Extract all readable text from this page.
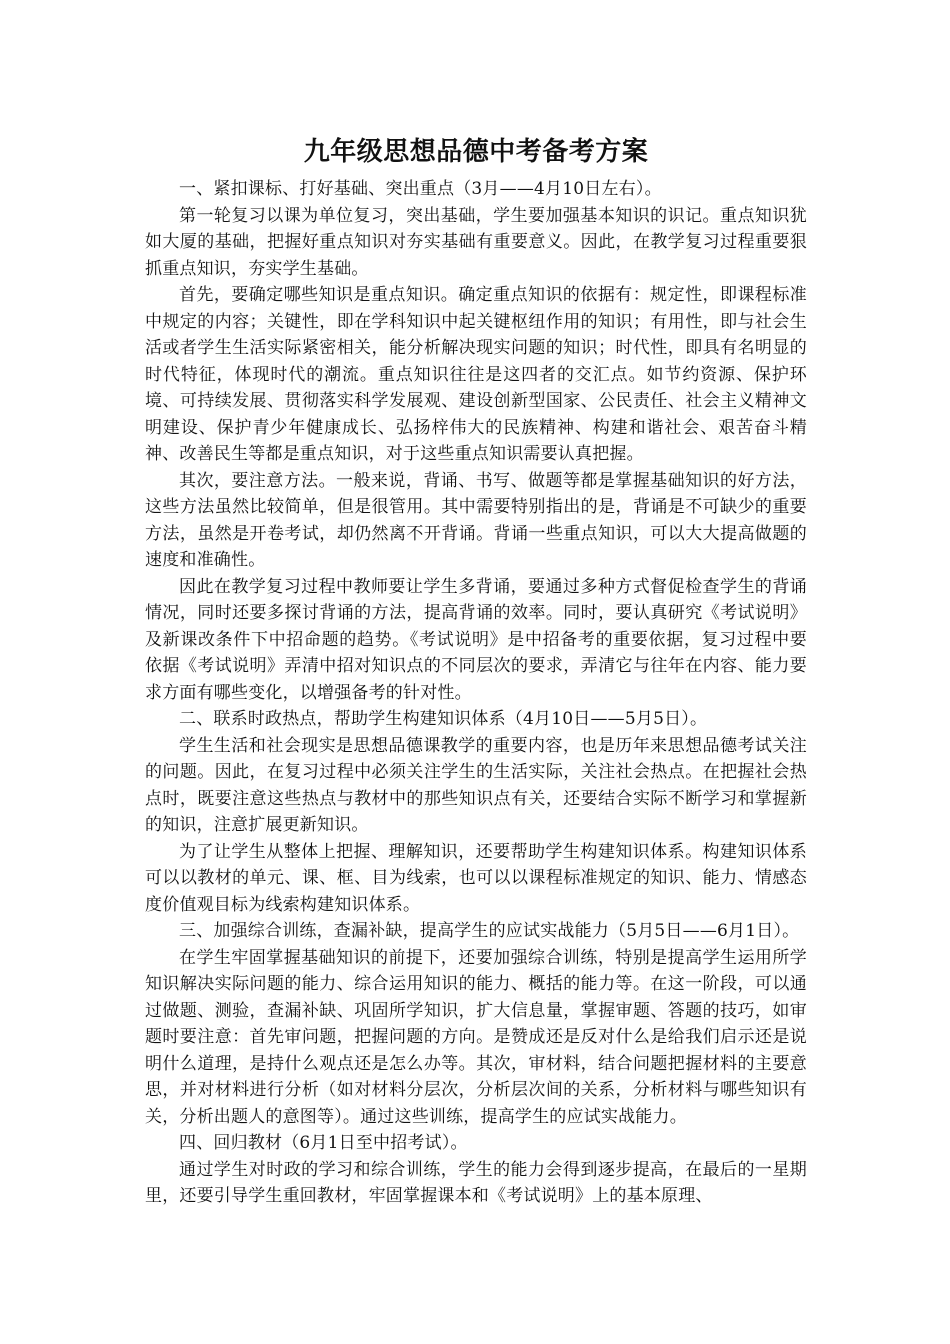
九年级思想品德中考备考方案

一、紧扣课标、打好基础、突出重点（3月——4月10日左右）。

第一轮复习以课为单位复习，突出基础，学生要加强基本知识的识记。重点知识犹如大厦的基础，把握好重点知识对夯实基础有重要意义。因此，在教学复习过程重要狠抓重点知识，夯实学生基础。

首先，要确定哪些知识是重点知识。确定重点知识的依据有：规定性，即课程标准中规定的内容；关键性，即在学科知识中起关键枢纽作用的知识；有用性，即与社会生活或者学生生活实际紧密相关，能分析解决现实问题的知识；时代性，即具有名明显的时代特征，体现时代的潮流。重点知识往往是这四者的交汇点。如节约资源、保护环境、可持续发展、贯彻落实科学发展观、建设创新型国家、公民责任、社会主义精神文明建设、保护青少年健康成长、弘扬梓伟大的民族精神、构建和谐社会、艰苦奋斗精神、改善民生等都是重点知识，对于这些重点知识需要认真把握。

其次，要注意方法。一般来说，背诵、书写、做题等都是掌握基础知识的好方法，这些方法虽然比较简单，但是很管用。其中需要特别指出的是，背诵是不可缺少的重要方法，虽然是开卷考试，却仍然离不开背诵。背诵一些重点知识，可以大大提高做题的速度和准确性。

因此在教学复习过程中教师要让学生多背诵，要通过多种方式督促检查学生的背诵情况，同时还要多探讨背诵的方法，提高背诵的效率。同时，要认真研究《考试说明》及新课改条件下中招命题的趋势。《考试说明》是中招备考的重要依据，复习过程中要依据《考试说明》弄清中招对知识点的不同层次的要求，弄清它与往年在内容、能力要求方面有哪些变化，以增强备考的针对性。

二、联系时政热点，帮助学生构建知识体系（4月10日——5月5日）。

学生生活和社会现实是思想品德课教学的重要内容，也是历年来思想品德考试关注的问题。因此，在复习过程中必须关注学生的生活实际，关注社会热点。在把握社会热点时，既要注意这些热点与教材中的那些知识点有关，还要结合实际不断学习和掌握新的知识，注意扩展更新知识。

为了让学生从整体上把握、理解知识，还要帮助学生构建知识体系。构建知识体系可以以教材的单元、课、框、目为线索，也可以以课程标准规定的知识、能力、情感态度价值观目标为线索构建知识体系。

三、加强综合训练，查漏补缺，提高学生的应试实战能力（5月5日——6月1日）。

在学生牢固掌握基础知识的前提下，还要加强综合训练，特别是提高学生运用所学知识解决实际问题的能力、综合运用知识的能力、概括的能力等。在这一阶段，可以通过做题、测验，查漏补缺、巩固所学知识，扩大信息量，掌握审题、答题的技巧，如审题时要注意：首先审问题，把握问题的方向。是赞成还是反对什么是给我们启示还是说明什么道理，是持什么观点还是怎么办等。其次，审材料，结合问题把握材料的主要意思，并对材料进行分析（如对材料分层次，分析层次间的关系，分析材料与哪些知识有关，分析出题人的意图等）。通过这些训练，提高学生的应试实战能力。

四、回归教材（6月1日至中招考试）。

通过学生对时政的学习和综合训练，学生的能力会得到逐步提高，在最后的一星期里，还要引导学生重回教材，牢固掌握课本和《考试说明》上的基本原理、
